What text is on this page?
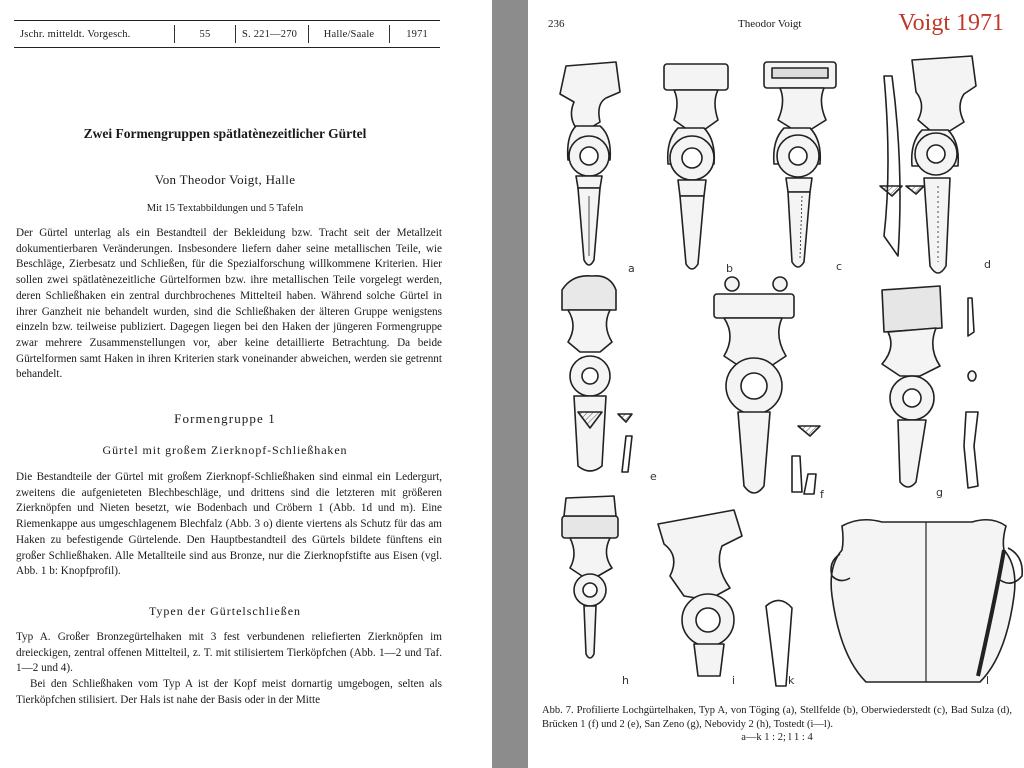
Jschr. mitteldt. Vorgesch.	55	S. 221—270	Halle/Saale	1971
Zwei Formengruppen spätlatènezeitlicher Gürtel
Von Theodor Voigt, Halle
Mit 15 Textabbildungen und 5 Tafeln
Der Gürtel unterlag als ein Bestandteil der Bekleidung bzw. Tracht seit der Metallzeit dokumentierbaren Veränderungen. Insbesondere liefern daher seine metallischen Teile, wie Beschläge, Zierbesatz und Schließen, für die Spezialforschung willkommene Kriterien. Hier sollen zwei spätlatènezeitliche Gürtelformen bzw. ihre metallischen Teile vorgelegt werden, deren Schließhaken ein zentral durchbrochenes Mittelteil haben. Während solche Gürtel in ihrer Ganzheit nie behandelt wurden, sind die Schließhaken der älteren Gruppe wenigstens einzeln bzw. teilweise publiziert. Dagegen liegen bei den Haken der jüngeren Formengruppe zwar mehrere Zusammenstellungen vor, aber keine detaillierte Betrachtung. Da beide Gürtelformen samt Haken in ihren Kriterien stark voneinander abweichen, werden sie getrennt behandelt.
Formengruppe 1
Gürtel mit großem Zierknopf-Schließhaken
Die Bestandteile der Gürtel mit großem Zierknopf-Schließhaken sind einmal ein Ledergurt, zweitens die aufgenieteten Blechbeschläge, und drittens sind die letzteren mit größeren Zierknöpfen und Nieten besetzt, wie Bodenbach und Cröbern 1 (Abb. 1d und m). Eine Riemenkappe aus umgeschlagenem Blechfalz (Abb. 3 o) diente viertens als Schutz für das am Haken zu befestigende Gürtelende. Den Hauptbestandteil des Gürtels bildete fünftens ein großer Schließhaken. Alle Metallteile sind aus Bronze, nur die Zierknopfstifte aus Eisen (vgl. Abb. 1 b: Knopfprofil).
Typen der Gürtelschließen
Typ A. Großer Bronzegürtelhaken mit 3 fest verbundenen reliefierten Zierknöpfen im dreieckigen, zentral offenen Mittelteil, z. T. mit stilisiertem Tierköpfchen (Abb. 1—2 und Taf. 1—2 und 4).
Bei den Schließhaken vom Typ A ist der Kopf meist dornartig umgebogen, selten als Tierköpfchen stilisiert. Der Hals ist nahe der Basis oder in der Mitte
236	Theodor Voigt	Voigt 1971
a	b	c	d
e
f	g
h	i	k	l
Abb. 7. Profilierte Lochgürtelhaken, Typ A, von Töging (a), Stellfelde (b), Oberwiederstedt (c), Bad Sulza (d), Brücken 1 (f) und 2 (e), San Zeno (g), Nebovidy 2 (h), Tostedt (i—l).
a—k 1 : 2; l 1 : 4
